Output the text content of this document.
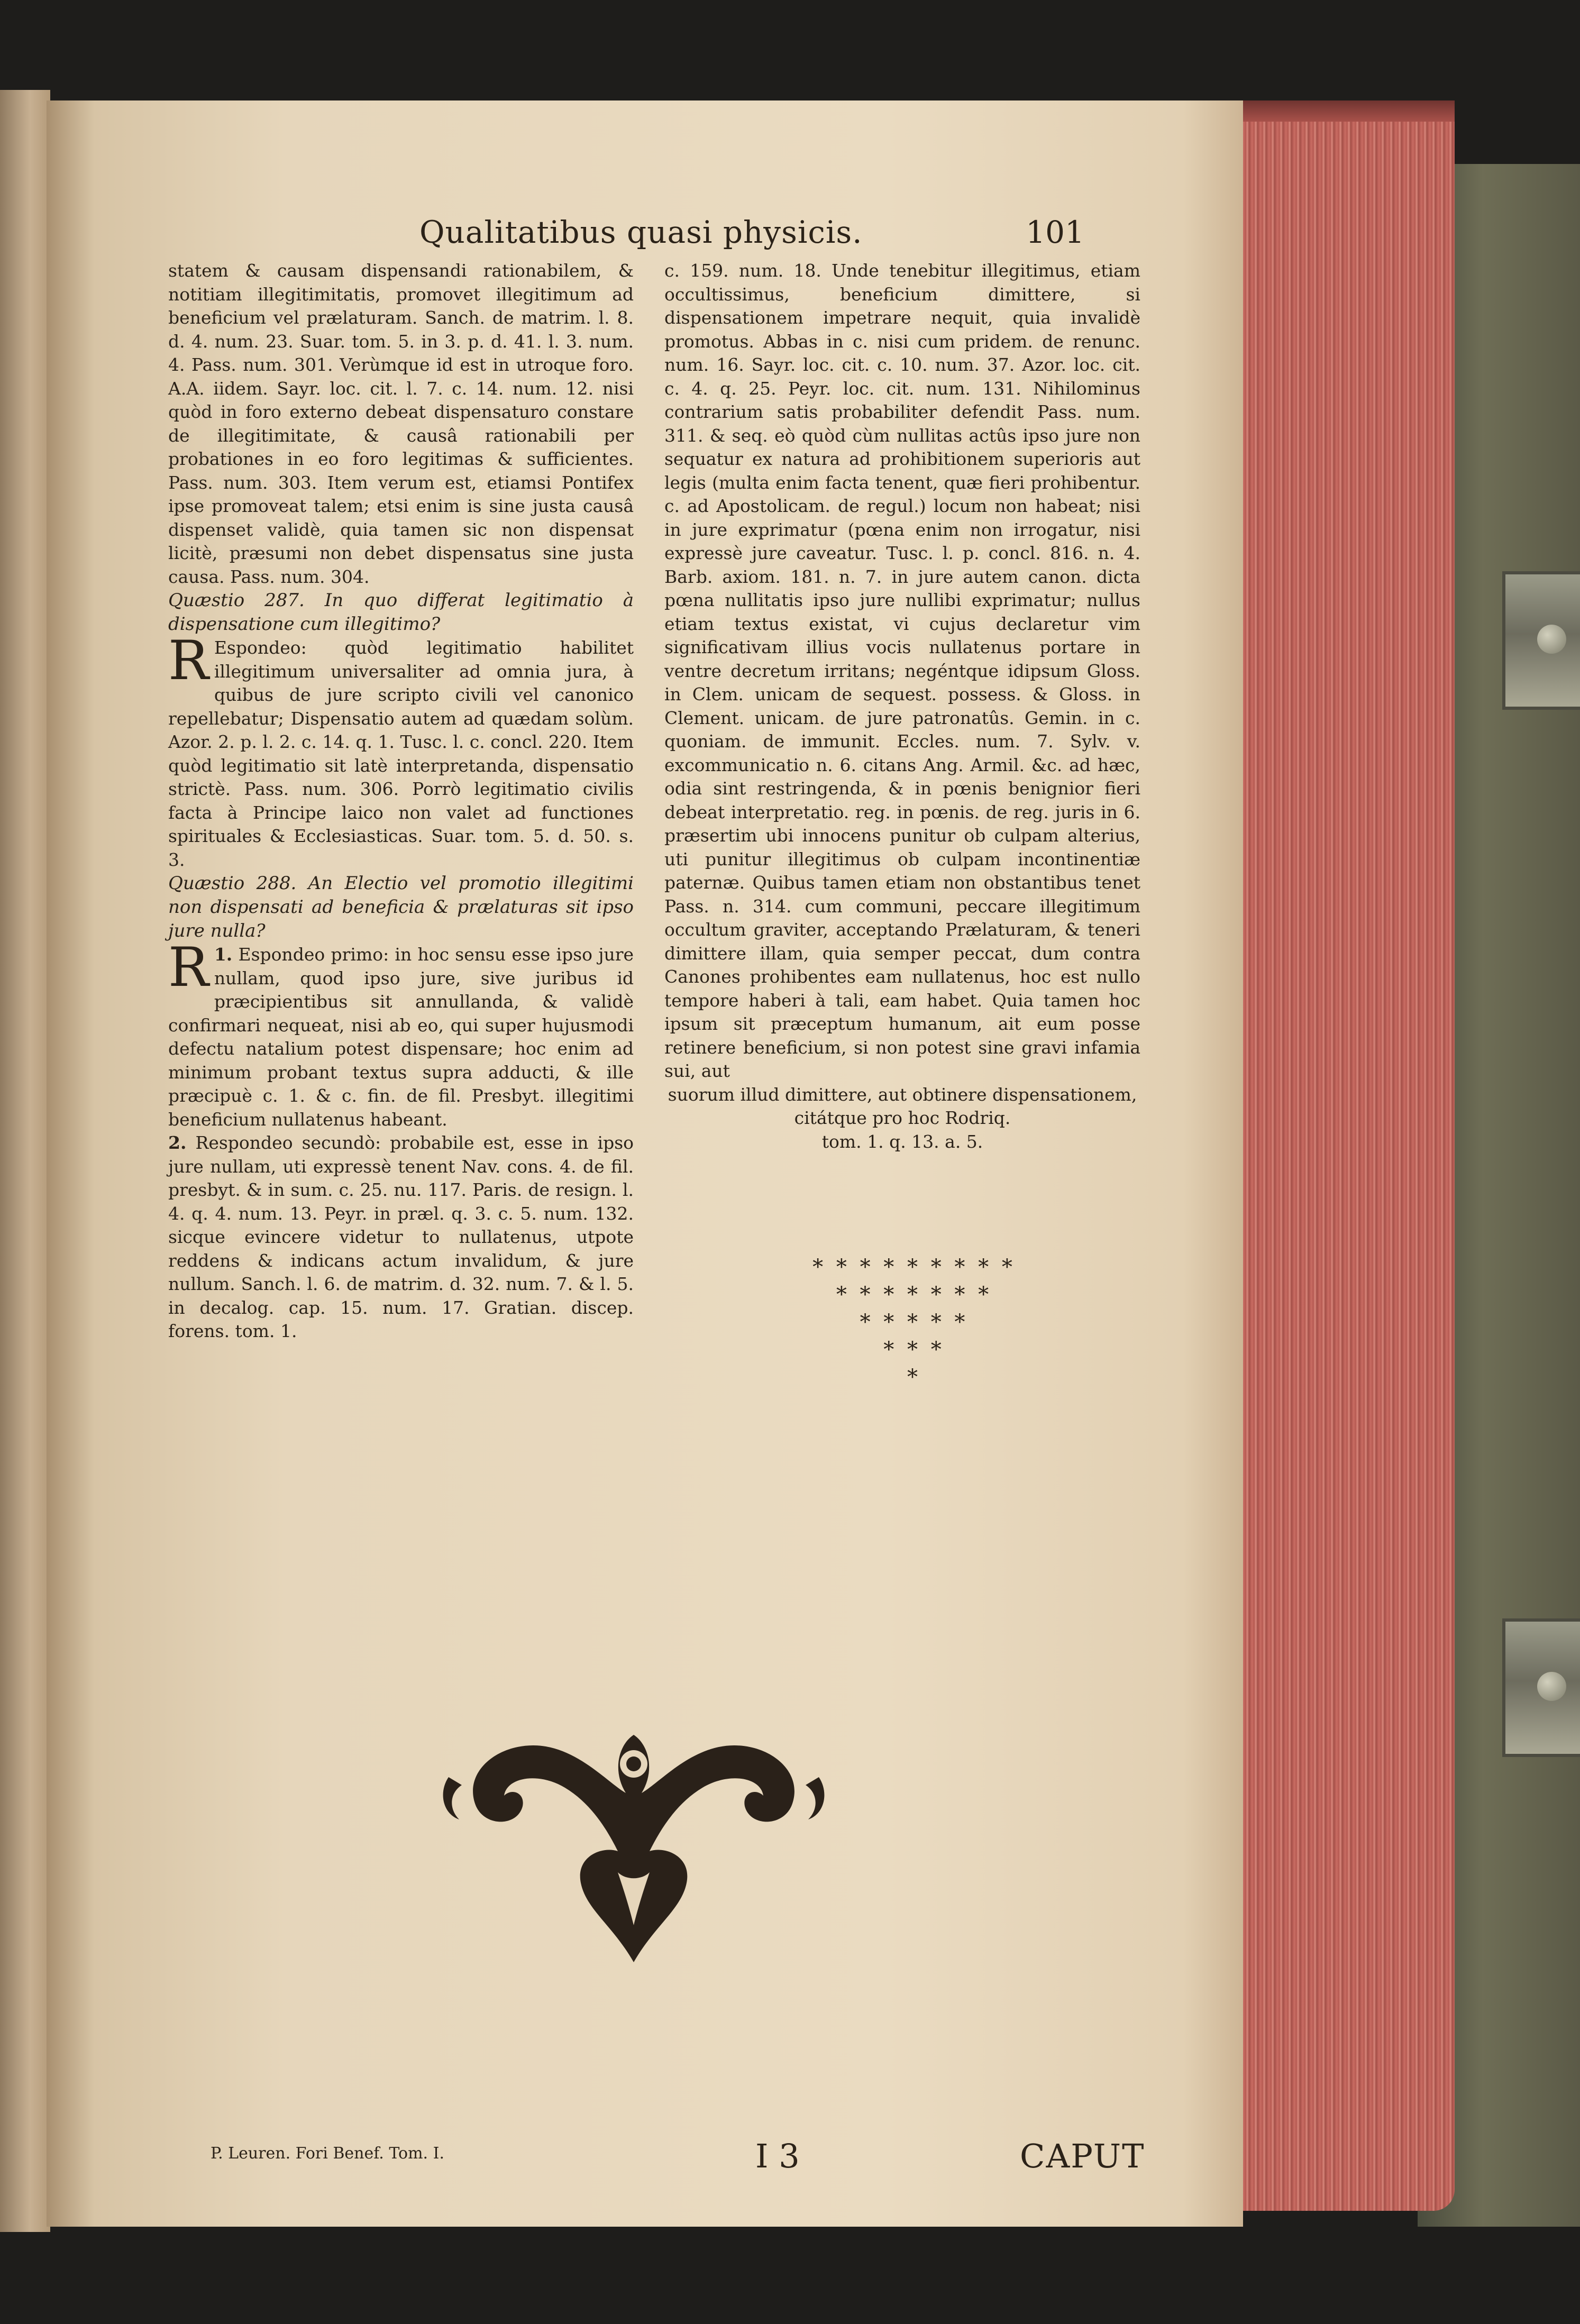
Qualitatibus quasi physicis.	101

statem & causam dispensandi rationabilem, & notitiam illegitimitatis, promovet illegitimum ad beneficium vel prælaturam. Sanch. de matrim. l. 8. d. 4. num. 23. Suar. tom. 5. in 3. p. d. 41. l. 3. num. 4. Pass. num. 301. Verùmque id est in utroque foro. A.A. iidem. Sayr. loc. cit. l. 7. c. 14. num. 12. nisi quòd in foro externo debeat dispensaturo constare de illegitimitate, & causâ rationabili per probationes in eo foro legitimas & sufficientes. Pass. num. 303. Item verum est, etiamsi Pontifex ipse promoveat talem; etsi enim is sine justa causâ dispenset validè, quia tamen sic non dispensat licitè, præsumi non debet dispensatus sine justa causa. Pass. num. 304.

Quæstio 287. In quo differat legitimatio à dispensatione cum illegitimo?

R Espondeo: quòd legitimatio habilitet illegitimum universaliter ad omnia jura, à quibus de jure scripto civili vel canonico repellebatur; Dispensatio autem ad quædam solùm. Azor. 2. p. l. 2. c. 14. q. 1. Tusc. l. c. concl. 220. Item quòd legitimatio sit latè interpretanda, dispensatio strictè. Pass. num. 306. Porrò legitimatio civilis facta à Principe laico non valet ad functiones spirituales & Ecclesiasticas. Suar. tom. 5. d. 50. s. 3.

Quæstio 288. An Electio vel promotio illegitimi non dispensati ad beneficia & prælaturas sit ipso jure nulla?

1.
R Espondeo primo: in hoc sensu esse ipso jure nullam, quod ipso jure, sive juribus id præcipientibus sit annullanda, & validè confirmari nequeat, nisi ab eo, qui super hujusmodi defectu natalium potest dispensare; hoc enim ad minimum probant textus supra adducti, & ille præcipuè c. 1. & c. fin. de fil. Presbyt. illegitimi beneficium nullatenus habeant.

2. Respondeo secundò: probabile est, esse in ipso jure nullam, uti expressè tenent Nav. cons. 4. de fil. presbyt. & in sum. c. 25. nu. 117. Paris. de resign. l. 4. q. 4. num. 13. Peyr. in præl. q. 3. c. 5. num. 132. sicque evincere videtur to nullatenus, utpote reddens & indicans actum invalidum, & jure nullum. Sanch. l. 6. de matrim. d. 32. num. 7. & l. 5. in decalog. cap. 15. num. 17. Gratian. discep. forens. tom. 1.

c. 159. num. 18. Unde tenebitur illegitimus, etiam occultissimus, beneficium dimittere, si dispensationem impetrare nequit, quia invalidè promotus. Abbas in c. nisi cum pridem. de renunc. num. 16. Sayr. loc. cit. c. 10. num. 37. Azor. loc. cit. c. 4. q. 25. Peyr. loc. cit. num. 131. Nihilominus contrarium satis probabiliter defendit Pass. num. 311. & seq. eò quòd cùm nullitas actûs ipso jure non sequatur ex natura ad prohibitionem superioris aut legis (multa enim facta tenent, quæ fieri prohibentur. c. ad Apostolicam. de regul.) locum non habeat; nisi in jure exprimatur (pœna enim non irrogatur, nisi expressè jure caveatur. Tusc. l. p. concl. 816. n. 4. Barb. axiom. 181. n. 7. in jure autem canon. dicta pœna nullitatis ipso jure nullibi exprimatur; nullus etiam textus existat, vi cujus declaretur vim significativam illius vocis nullatenus portare in ventre decretum irritans; negéntque idipsum Gloss. in Clem. unicam de sequest. possess. & Gloss. in Clement. unicam. de jure patronatûs. Gemin. in c. quoniam. de immunit. Eccles. num. 7. Sylv. v. excommunicatio n. 6. citans Ang. Armil. &c. ad hæc, odia sint restringenda, & in pœnis benignior fieri debeat interpretatio. reg. in pœnis. de reg. juris in 6. præsertim ubi innocens punitur ob culpam alterius, uti punitur illegitimus ob culpam incontinentiæ paternæ. Quibus tamen etiam non obstantibus tenet Pass. n. 314. cum communi, peccare illegitimum occultum graviter, acceptando Prælaturam, & teneri dimittere illam, quia semper peccat, dum contra Canones prohibentes eam nullatenus, hoc est nullo tempore haberi à tali, eam habet. Quia tamen hoc ipsum sit præceptum humanum, ait eum posse retinere beneficium, si non potest sine gravi infamia sui, aut

suorum illud dimittere, aut obtinere dispensationem, citátque pro hoc Rodriq.

tom. 1. q. 13. a. 5.

* * * * * * * * *
* * * * * * *
* * * * *
* * *
*
P. Leuren. Fori Benef. Tom. I.	I 3	CAPUT
